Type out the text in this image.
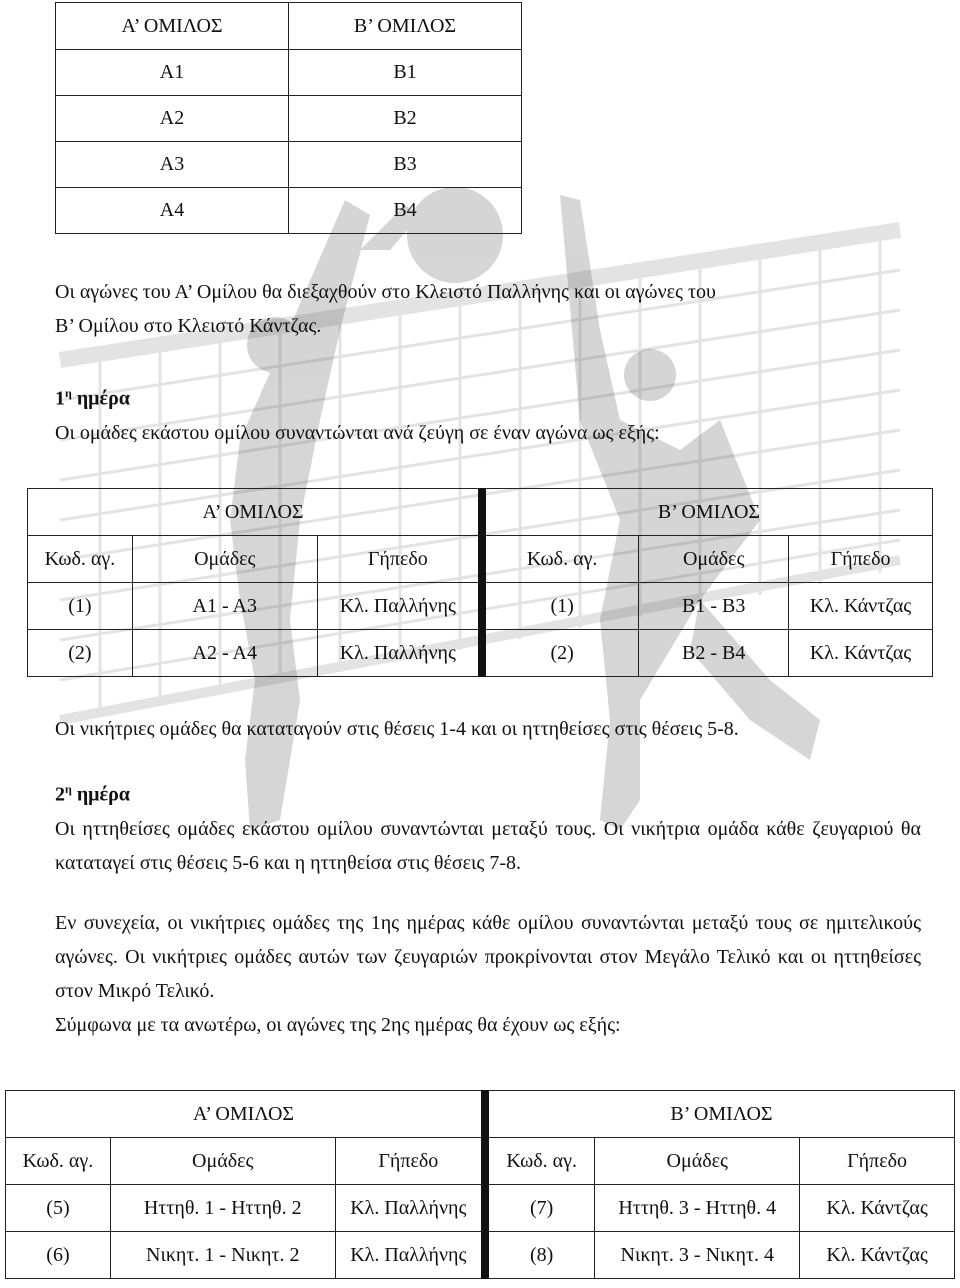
Α’ ΟΜΙΛΟΣ	Β’ ΟΜΙΛΟΣ
Α1	Β1
Α2	Β2
Α3	Β3
Α4	Β4

Οι αγώνες του Α’ Ομίλου θα διεξαχθούν στο Κλειστό Παλλήνης και οι αγώνες του

Β’ Ομίλου στο Κλειστό Κάντζας.

$1^\eta$ ημέρα

Οι ομάδες εκάστου ομίλου συναντώνται ανά ζεύγη σε έναν αγώνα ως εξής:

Α’ ΟΜΙΛΟΣ			Β’ ΟΜΙΛΟΣ		
Κωδ. αγ.	Ομάδες	Γήπεδο	Κωδ. αγ.	Ομάδες	Γήπεδο
(1)	Α1 - Α3	Κλ. Παλλήνης	(1)	Β1 - Β3	Κλ. Κάντζας
(2)	Α2 - Α4	Κλ. Παλλήνης	(2)	Β2 - Β4	Κλ. Κάντζας

Οι νικήτριες ομάδες θα καταταγούν στις θέσεις 1-4 και οι ηττηθείσες στις θέσεις 5-8.

$2^\eta$ ημέρα

Οι ηττηθείσες ομάδες εκάστου ομίλου συναντώνται μεταξύ τους. Οι νικήτρια ομάδα κάθε ζευγαριού θα καταταγεί στις θέσεις 5-6 και η ηττηθείσα στις θέσεις 7-8.

Εν συνεχεία, οι νικήτριες ομάδες της 1ης ημέρας κάθε ομίλου συναντώνται μεταξύ τους σε ημιτελικούς αγώνες. Οι νικήτριες ομάδες αυτών των ζευγαριών προκρίνονται στον Μεγάλο Τελικό και οι ηττηθείσες στον Μικρό Τελικό.

Σύμφωνα με τα ανωτέρω, οι αγώνες της 2ης ημέρας θα έχουν ως εξής:

Α’ ΟΜΙΛΟΣ			Β’ ΟΜΙΛΟΣ		
Κωδ. αγ.	Ομάδες	Γήπεδο	Κωδ. αγ.	Ομάδες	Γήπεδο
(5)	Ηττηθ. 1 - Ηττηθ. 2	Κλ. Παλλήνης	(7)	Ηττηθ. 3 - Ηττηθ. 4	Κλ. Κάντζας
(6)	Νικητ. 1 - Νικητ. 2	Κλ. Παλλήνης	(8)	Νικητ. 3 - Νικητ. 4	Κλ. Κάντζας
